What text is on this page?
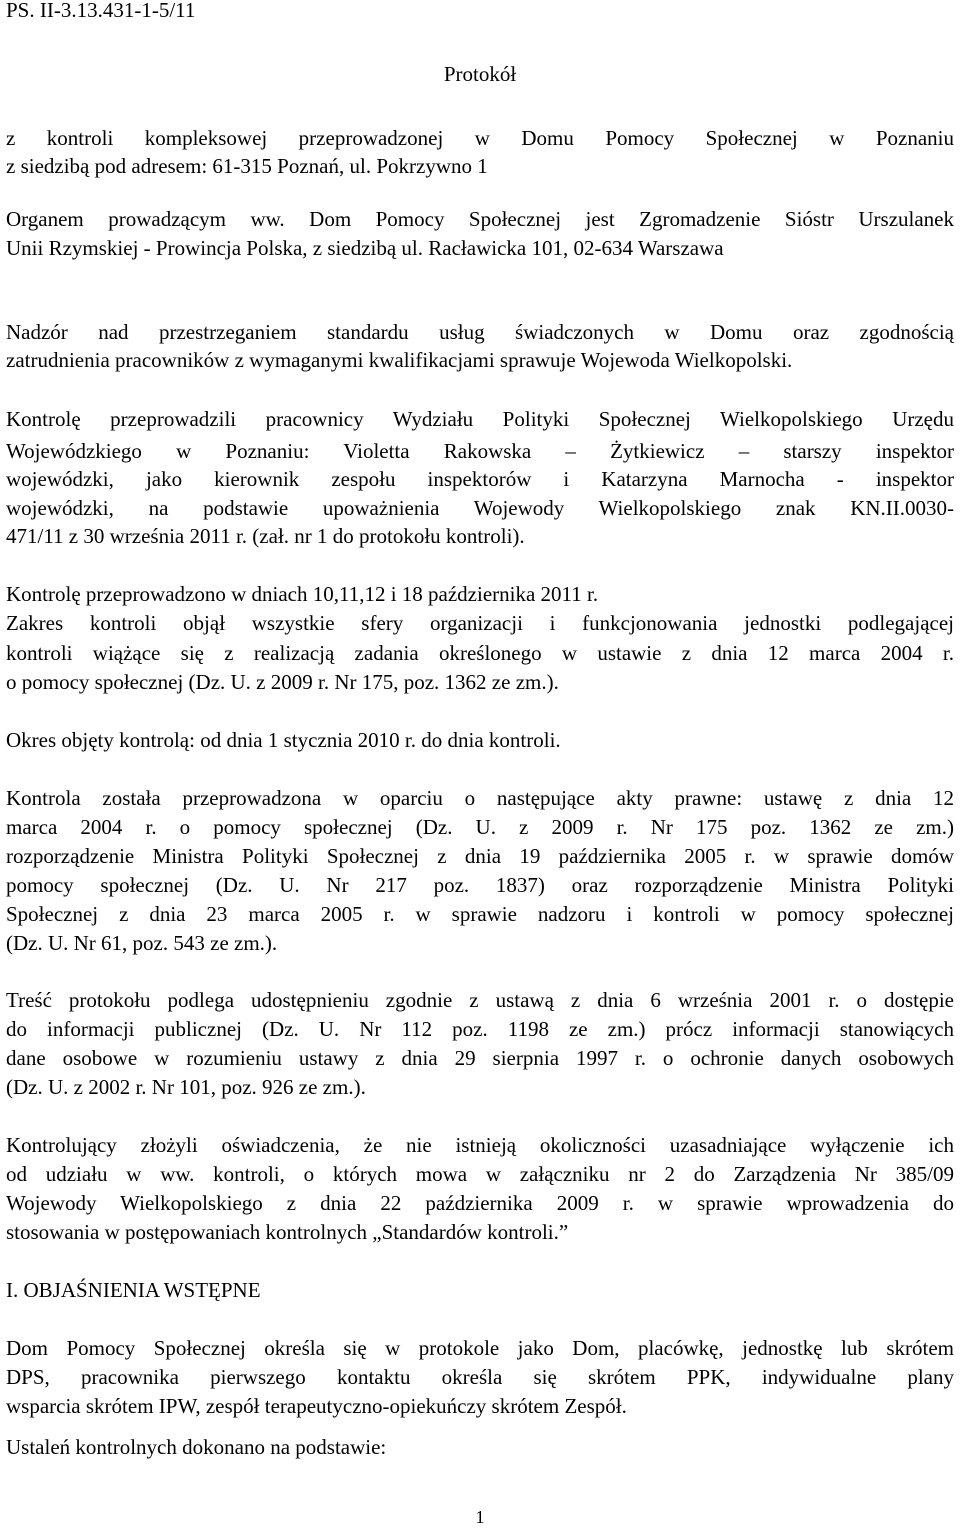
PS. II-3.13.431-1-5/11
Protokół
z kontroli kompleksowej przeprowadzonej w Domu Pomocy Społecznej w Poznaniu
z siedzibą pod adresem: 61-315 Poznań, ul. Pokrzywno 1
Organem prowadzącym ww. Dom Pomocy Społecznej jest Zgromadzenie Sióstr Urszulanek
Unii Rzymskiej - Prowincja Polska, z siedzibą ul. Racławicka 101, 02-634 Warszawa
Nadzór nad przestrzeganiem standardu usług świadczonych w Domu oraz zgodnością
zatrudnienia pracowników z wymaganymi kwalifikacjami sprawuje Wojewoda Wielkopolski.
Kontrolę przeprowadzili pracownicy Wydziału Polityki Społecznej Wielkopolskiego Urzędu
Wojewódzkiego w Poznaniu: Violetta Rakowska – Żytkiewicz – starszy inspektor
wojewódzki, jako kierownik zespołu inspektorów i Katarzyna Marnocha - inspektor
wojewódzki, na podstawie upoważnienia Wojewody Wielkopolskiego znak KN.II.0030-
471/11 z 30 września 2011 r. (zał. nr 1 do protokołu kontroli).
Kontrolę przeprowadzono w dniach 10,11,12 i 18 października 2011 r.
Zakres kontroli objął wszystkie sfery organizacji i funkcjonowania jednostki podlegającej
kontroli wiążące się z realizacją zadania określonego w ustawie z dnia 12 marca 2004 r.
o pomocy społecznej (Dz. U. z 2009 r. Nr 175, poz. 1362 ze zm.).
Okres objęty kontrolą: od dnia 1 stycznia 2010 r. do dnia kontroli.
Kontrola została przeprowadzona w oparciu o następujące akty prawne: ustawę z dnia 12
marca 2004 r. o pomocy społecznej (Dz. U. z 2009 r. Nr 175 poz. 1362 ze zm.)
rozporządzenie Ministra Polityki Społecznej z dnia 19 października 2005 r. w sprawie domów
pomocy społecznej (Dz. U. Nr 217 poz. 1837) oraz rozporządzenie Ministra Polityki
Społecznej z dnia 23 marca 2005 r. w sprawie nadzoru i kontroli w pomocy społecznej
(Dz. U. Nr 61, poz. 543 ze zm.).
Treść protokołu podlega udostępnieniu zgodnie z ustawą z dnia 6 września 2001 r. o dostępie
do informacji publicznej (Dz. U. Nr 112 poz. 1198 ze zm.) prócz informacji stanowiących
dane osobowe w rozumieniu ustawy z dnia 29 sierpnia 1997 r. o ochronie danych osobowych
(Dz. U. z 2002 r. Nr 101, poz. 926 ze zm.).
Kontrolujący złożyli oświadczenia, że nie istnieją okoliczności uzasadniające wyłączenie ich
od udziału w ww. kontroli, o których mowa w załączniku nr 2 do Zarządzenia Nr 385/09
Wojewody Wielkopolskiego z dnia 22 października 2009 r. w sprawie wprowadzenia do
stosowania w postępowaniach kontrolnych „Standardów kontroli.”
I. OBJAŚNIENIA WSTĘPNE
Dom Pomocy Społecznej określa się w protokole jako Dom, placówkę, jednostkę lub skrótem
DPS, pracownika pierwszego kontaktu określa się skrótem PPK, indywidualne plany
wsparcia skrótem IPW, zespół terapeutyczno-opiekuńczy skrótem Zespół.
Ustaleń kontrolnych dokonano na podstawie:
1
